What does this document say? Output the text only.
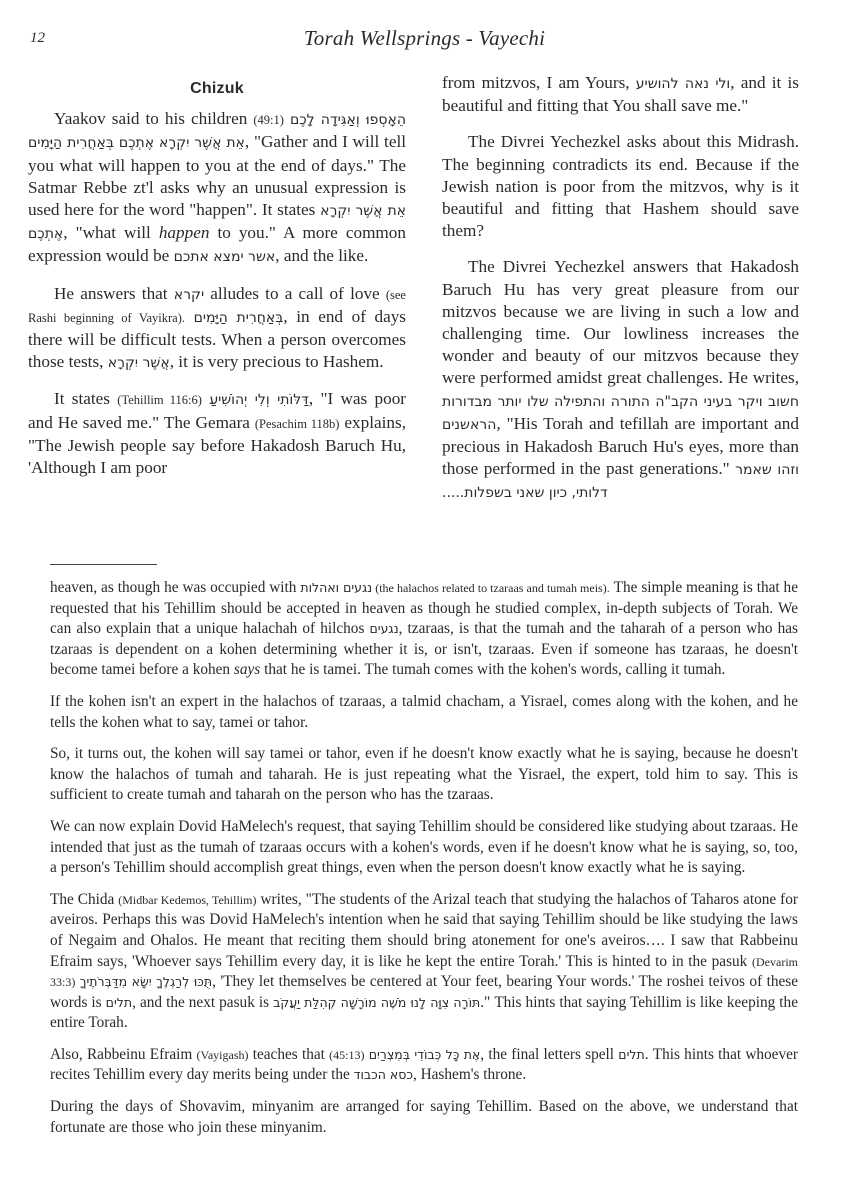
12	Torah Wellsprings - Vayechi
Chizuk

Yaakov said to his children (49:1) הֵאָסְפוּ וְאַגִּידָה לָכֶם אֵת אֲשֶׁר יִקְרָא אֶתְכֶם בְּאַחֲרִית הַיָּמִים, "Gather and I will tell you what will happen to you at the end of days." The Satmar Rebbe zt'l asks why an unusual expression is used here for the word "happen". It states אֵת אֲשֶׁר יִקְרָא אֶתְכֶם, "what will happen to you." A more common expression would be אשר ימצא אתכם, and the like.

He answers that יקרא alludes to a call of love (see Rashi beginning of Vayikra). בְּאַחֲרִית הַיָּמִים, in end of days there will be difficult tests. When a person overcomes those tests, אֲשֶׁר יִקְרָא, it is very precious to Hashem.

It states (Tehillim 116:6) דַּלּוֹתִי וְלִי יְהוֹשִׁיעַ, "I was poor and He saved me." The Gemara (Pesachim 118b) explains, "The Jewish people say before Hakadosh Baruch Hu, 'Although I am poor

from mitzvos, I am Yours, ולי נאה להושיע, and it is beautiful and fitting that You shall save me."

The Divrei Yechezkel asks about this Midrash. The beginning contradicts its end. Because if the Jewish nation is poor from the mitzvos, why is it beautiful and fitting that Hashem should save them?

The Divrei Yechezkel answers that Hakadosh Baruch Hu has very great pleasure from our mitzvos because we are living in such a low and challenging time. Our lowliness increases the wonder and beauty of our mitzvos because they were performed amidst great challenges. He writes, חשוב ויקר בעיני הקב"ה התורה והתפילה שלו יותר מבדורות הראשנים, "His Torah and tefillah are important and precious in Hakadosh Baruch Hu's eyes, more than those performed in the past generations." וזהו שאמר דלותי, כיון שאני בשפלות.....

heaven, as though he was occupied with נגעים ואהלות (the halachos related to tzaraas and tumah meis). The simple meaning is that he requested that his Tehillim should be accepted in heaven as though he studied complex, in-depth subjects of Torah. We can also explain that a unique halachah of hilchos נגעים, tzaraas, is that the tumah and the taharah of a person who has tzaraas is dependent on a kohen determining whether it is, or isn't, tzaraas. Even if someone has tzaraas, he doesn't become tamei before a kohen says that he is tamei. The tumah comes with the kohen's words, calling it tumah.

If the kohen isn't an expert in the halachos of tzaraas, a talmid chacham, a Yisrael, comes along with the kohen, and he tells the kohen what to say, tamei or tahor.

So, it turns out, the kohen will say tamei or tahor, even if he doesn't know exactly what he is saying, because he doesn't know the halachos of tumah and taharah. He is just repeating what the Yisrael, the expert, told him to say. This is sufficient to create tumah and taharah on the person who has the tzaraas.

We can now explain Dovid HaMelech's request, that saying Tehillim should be considered like studying about tzaraas. He intended that just as the tumah of tzaraas occurs with a kohen's words, even if he doesn't know what he is saying, so, too, a person's Tehillim should accomplish great things, even when the person doesn't know exactly what he is saying.

The Chida (Midbar Kedemos, Tehillim) writes, "The students of the Arizal teach that studying the halachos of Taharos atone for aveiros. Perhaps this was Dovid HaMelech's intention when he said that saying Tehillim should be like studying the laws of Negaim and Ohalos. He meant that reciting them should bring atonement for one's aveiros…. I saw that Rabbeinu Efraim says, 'Whoever says Tehillim every day, it is like he kept the entire Torah.' This is hinted to in the pasuk (Devarim 33:3) תֻּכּוּ לְרַגְלֶךָ יִשָּׂא מִדַּבְּרֹתֶיךָ, 'They let themselves be centered at Your feet, bearing Your words.' The roshei teivos of these words is תלים, and the next pasuk is תּוֹרָה צִוָּה לָנוּ מֹשֶׁה מוֹרָשָׁה קְהִלַּת יַעֲקֹב." This hints that saying Tehillim is like keeping the entire Torah.

Also, Rabbeinu Efraim (Vayigash) teaches that (45:13) אֶת כָּל כְּבוֹדִי בְּמִצְרַיִם, the final letters spell תלים. This hints that whoever recites Tehillim every day merits being under the כסא הכבוד, Hashem's throne.

During the days of Shovavim, minyanim are arranged for saying Tehillim. Based on the above, we understand that fortunate are those who join these minyanim.
